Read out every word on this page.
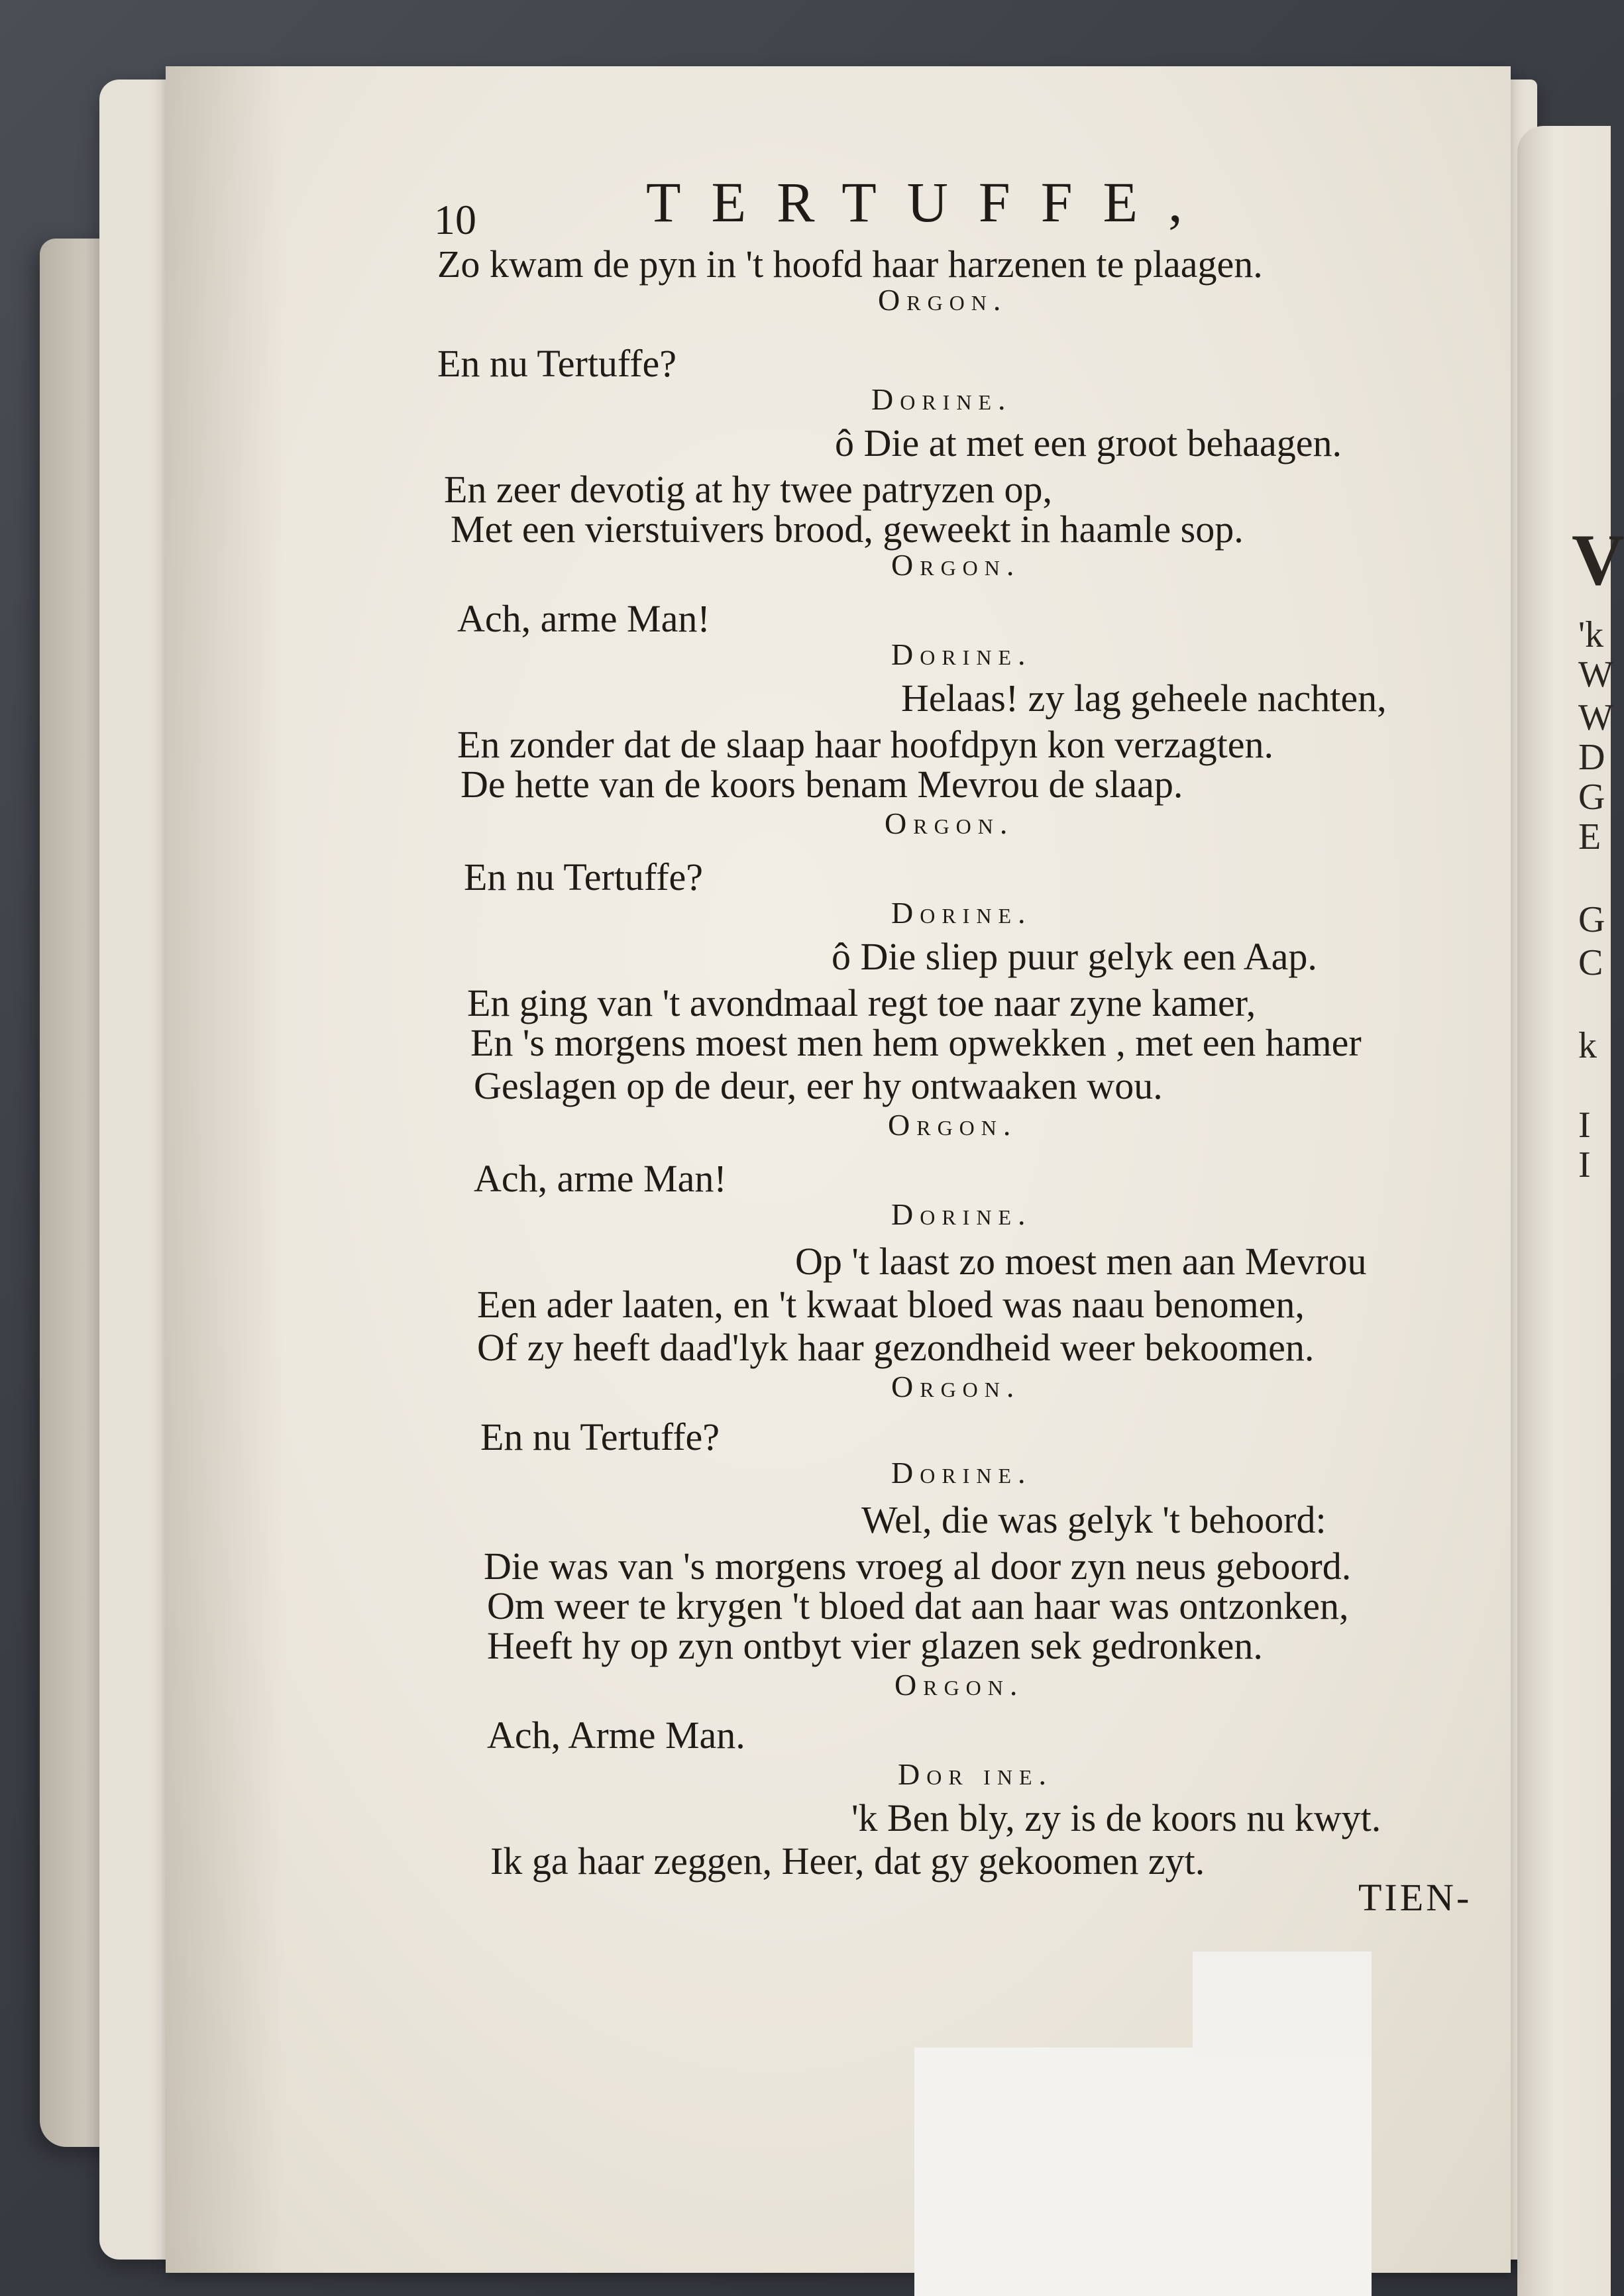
V
'k
W
W
D
G
E
G
C
k
I
I
10	TERTUFFE,
Zo kwam de pyn in 't hoofd haar harzenen te plaagen.
Orgon.
En nu Tertuffe?
Dorine.
ô Die at met een groot behaagen.
En zeer devotig at hy twee patryzen op,
Met een vierstuivers brood, geweekt in haamle sop.
Orgon.
Ach, arme Man!
Dorine.
Helaas! zy lag geheele nachten,
En zonder dat de slaap haar hoofdpyn kon verzagten.
De hette van de koors benam Mevrou de slaap.
Orgon.
En nu Tertuffe?
Dorine.
ô Die sliep puur gelyk een Aap.
En ging van 't avondmaal regt toe naar zyne kamer,
En 's morgens moest men hem opwekken , met een hamer
Geslagen op de deur, eer hy ontwaaken wou.
Orgon.
Ach, arme Man!
Dorine.
Op 't laast zo moest men aan Mevrou
Een ader laaten, en 't kwaat bloed was naau benomen,
Of zy heeft daad'lyk haar gezondheid weer bekoomen.
Orgon.
En nu Tertuffe?
Dorine.
Wel, die was gelyk 't behoord:
Die was van 's morgens vroeg al door zyn neus geboord.
Om weer te krygen 't bloed dat aan haar was ontzonken,
Heeft hy op zyn ontbyt vier glazen sek gedronken.
Orgon.
Ach, Arme Man.
Dor ine.
'k Ben bly, zy is de koors nu kwyt.
Ik ga haar zeggen, Heer, dat gy gekoomen zyt.
TIEN-
